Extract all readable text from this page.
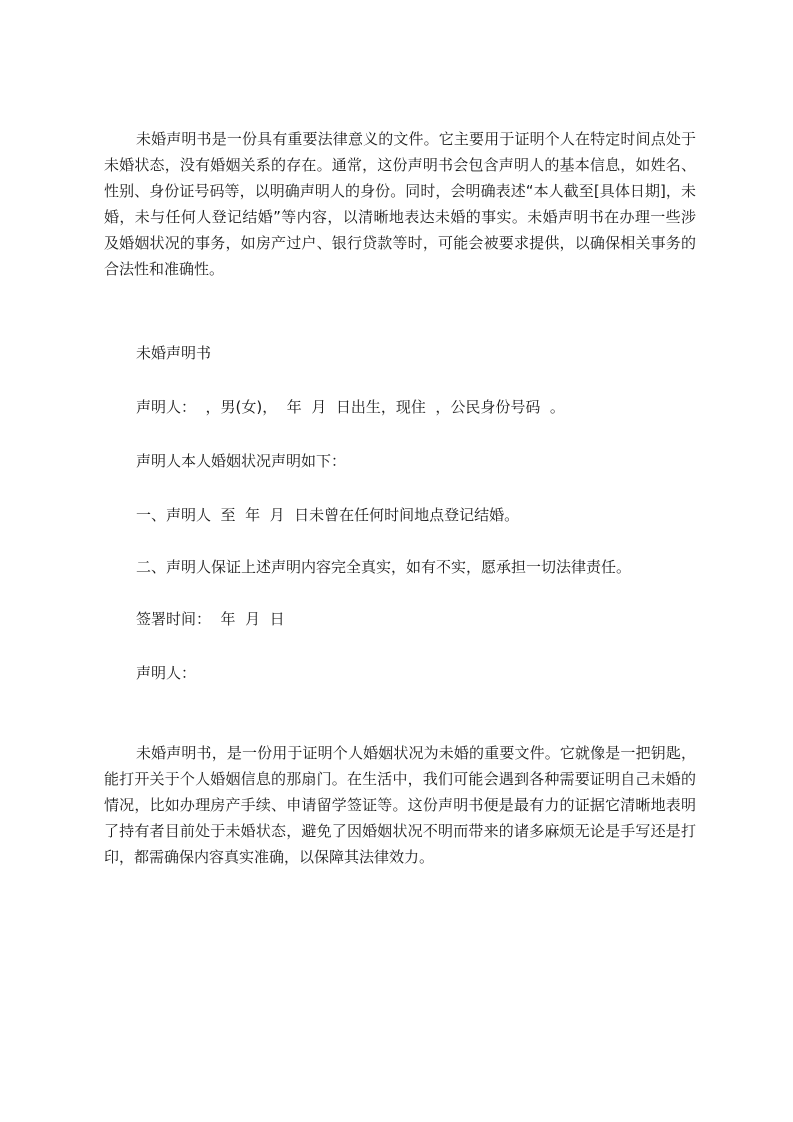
未婚声明书是一份具有重要法律意义的文件。它主要用于证明个人在特定时间点处于未婚状态，没有婚姻关系的存在。通常，这份声明书会包含声明人的基本信息，如姓名、性别、身份证号码等，以明确声明人的身份。同时，会明确表述“本人截至[具体日期]，未婚，未与任何人登记结婚”等内容，以清晰地表达未婚的事实。未婚声明书在办理一些涉及婚姻状况的事务，如房产过户、银行贷款等时，可能会被要求提供，以确保相关事务的合法性和准确性。

未婚声明书

声明人：  ，男(女)，  年  月  日出生，现住  ，公民身份号码  。

声明人本人婚姻状况声明如下：

一、声明人  至  年  月  日未曾在任何时间地点登记结婚。

二、声明人保证上述声明内容完全真实，如有不实，愿承担一切法律责任。

签署时间：  年  月  日

声明人：

未婚声明书，是一份用于证明个人婚姻状况为未婚的重要文件。它就像是一把钥匙，能打开关于个人婚姻信息的那扇门。在生活中，我们可能会遇到各种需要证明自己未婚的情况，比如办理房产手续、申请留学签证等。这份声明书便是最有力的证据它清晰地表明了持有者目前处于未婚状态，避免了因婚姻状况不明而带来的诸多麻烦无论是手写还是打印，都需确保内容真实准确，以保障其法律效力。
